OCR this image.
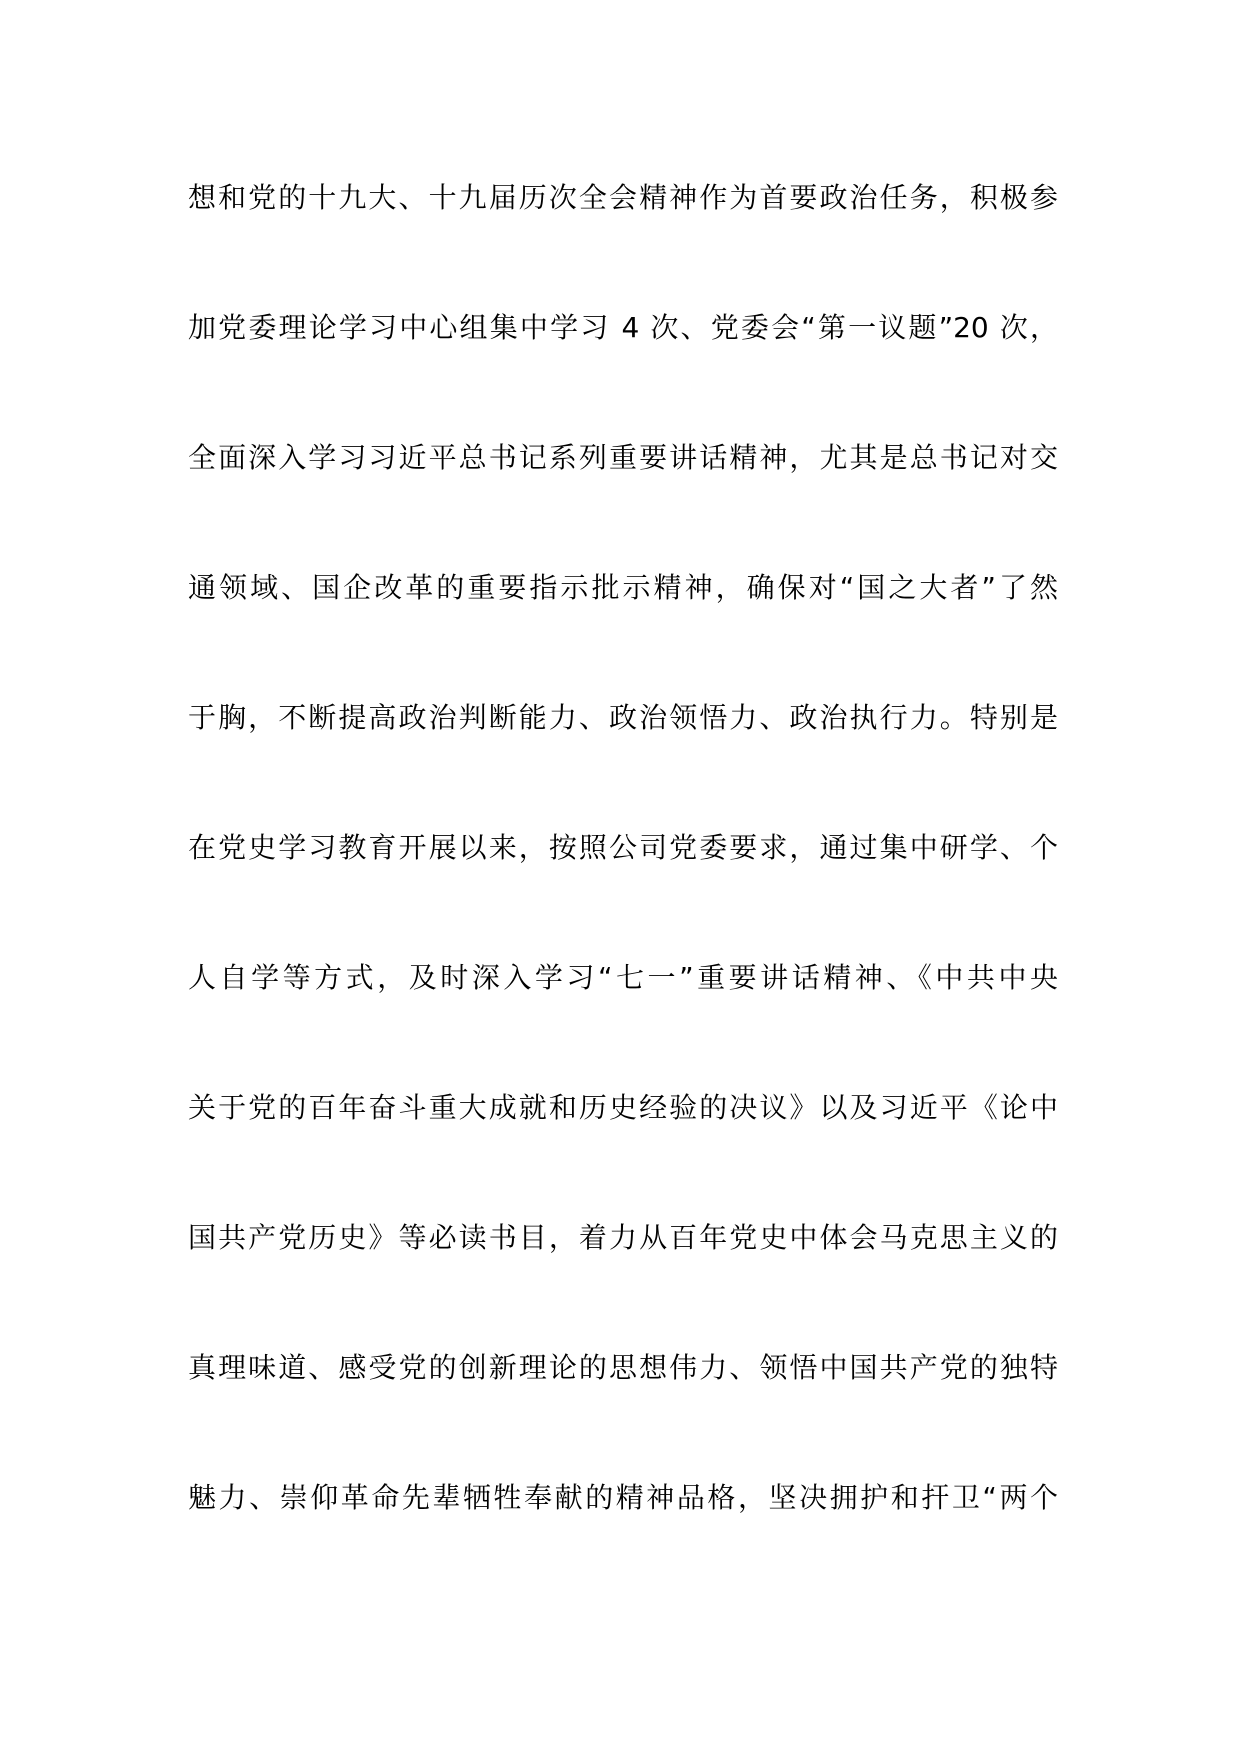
想和党的十九大、十九届历次全会精神作为首要政治任务，积极参
加党委理论学习中心组集中学习 4 次、党委会“第一议题”20 次，
全面深入学习习近平总书记系列重要讲话精神，尤其是总书记对交
通领域、国企改革的重要指示批示精神，确保对“国之大者”了然
于胸，不断提高政治判断能力、政治领悟力、政治执行力。特别是
在党史学习教育开展以来，按照公司党委要求，通过集中研学、个
人自学等方式，及时深入学习“七一”重要讲话精神、《中共中央
关于党的百年奋斗重大成就和历史经验的决议》以及习近平《论中
国共产党历史》等必读书目，着力从百年党史中体会马克思主义的
真理味道、感受党的创新理论的思想伟力、领悟中国共产党的独特
魅力、崇仰革命先辈牺牲奉献的精神品格，坚决拥护和扞卫“两个
